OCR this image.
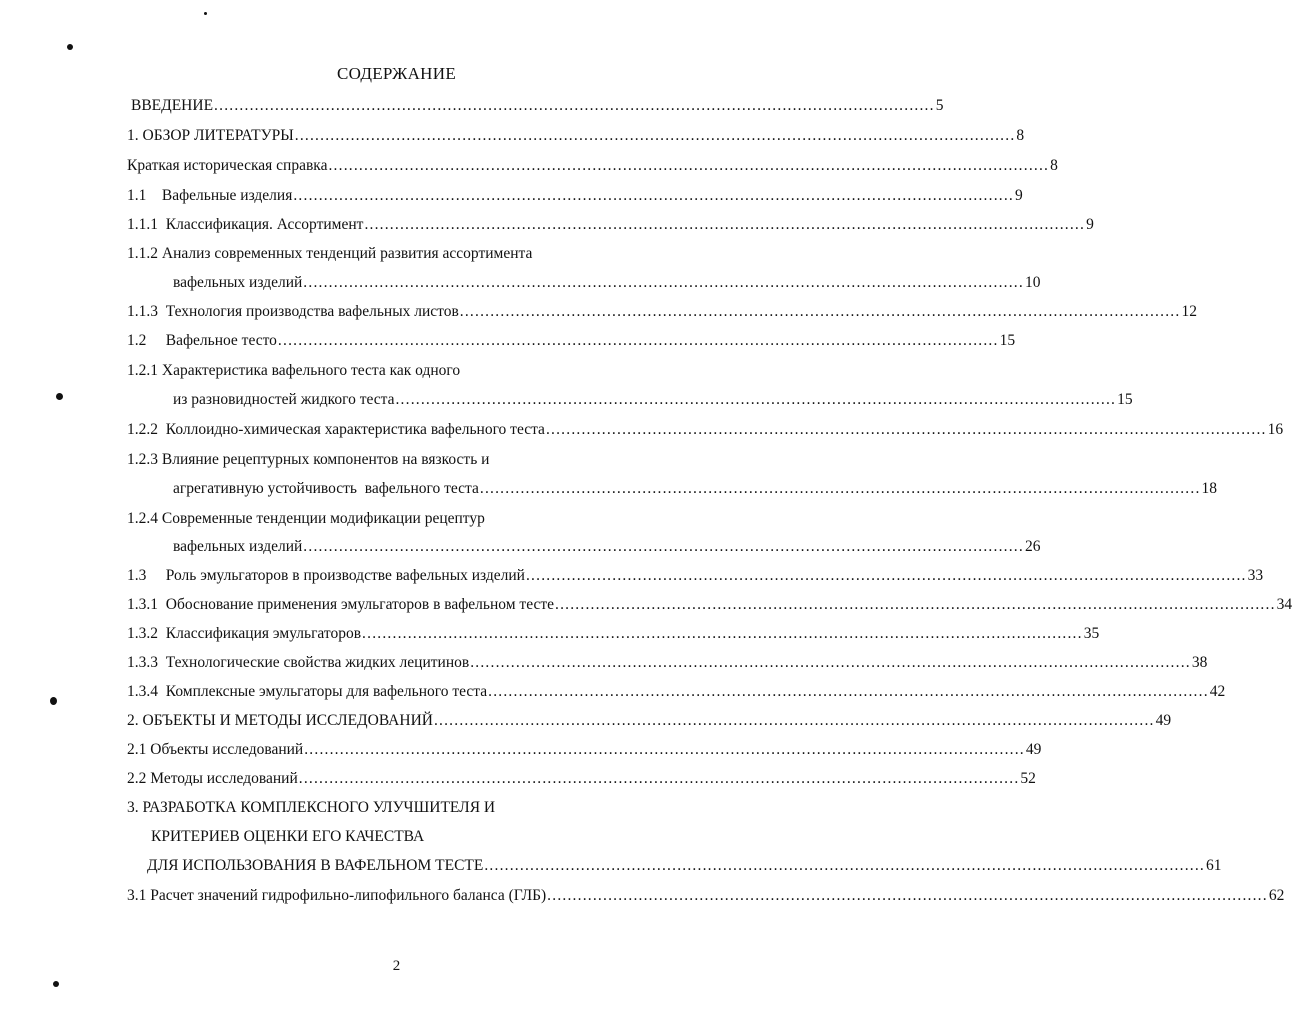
СОДЕРЖАНИЕ
ВВЕДЕНИЕ .............................................................................................................................................. 5
1. ОБЗОР ЛИТЕРАТУРЫ .............................................................................................................................................. 8
Краткая историческая справка .............................................................................................................................................. 8
1.1    Вафельные изделия .............................................................................................................................................. 9
1.1.1  Классификация. Ассортимент .............................................................................................................................................. 9
1.1.2 Анализ современных тенденций развития ассортимента
вафельных изделий .............................................................................................................................................. 10
1.1.3  Технология производства вафельных листов .............................................................................................................................................. 12
1.2     Вафельное тесто .............................................................................................................................................. 15
1.2.1 Характеристика вафельного теста как одного
из разновидностей жидкого теста .............................................................................................................................................. 15
1.2.2  Коллоидно-химическая характеристика вафельного теста .............................................................................................................................................. 16
1.2.3 Влияние рецептурных компонентов на вязкость и
агрегативную устойчивость  вафельного теста .............................................................................................................................................. 18
1.2.4 Современные тенденции модификации рецептур
вафельных изделий .............................................................................................................................................. 26
1.3     Роль эмульгаторов в производстве вафельных изделий .............................................................................................................................................. 33
1.3.1  Обоснование применения эмульгаторов в вафельном тесте .............................................................................................................................................. 34
1.3.2  Классификация эмульгаторов .............................................................................................................................................. 35
1.3.3  Технологические свойства жидких лецитинов .............................................................................................................................................. 38
1.3.4  Комплексные эмульгаторы для вафельного теста .............................................................................................................................................. 42
2. ОБЪЕКТЫ И МЕТОДЫ ИССЛЕДОВАНИЙ .............................................................................................................................................. 49
2.1 Объекты исследований .............................................................................................................................................. 49
2.2 Методы исследований .............................................................................................................................................. 52
3. РАЗРАБОТКА КОМПЛЕКСНОГО УЛУЧШИТЕЛЯ И
КРИТЕРИЕВ ОЦЕНКИ ЕГО КАЧЕСТВА
ДЛЯ ИСПОЛЬЗОВАНИЯ В ВАФЕЛЬНОМ ТЕСТЕ .............................................................................................................................................. 61
3.1 Расчет значений гидрофильно-липофильного баланса (ГЛБ) .............................................................................................................................................. 62
2
